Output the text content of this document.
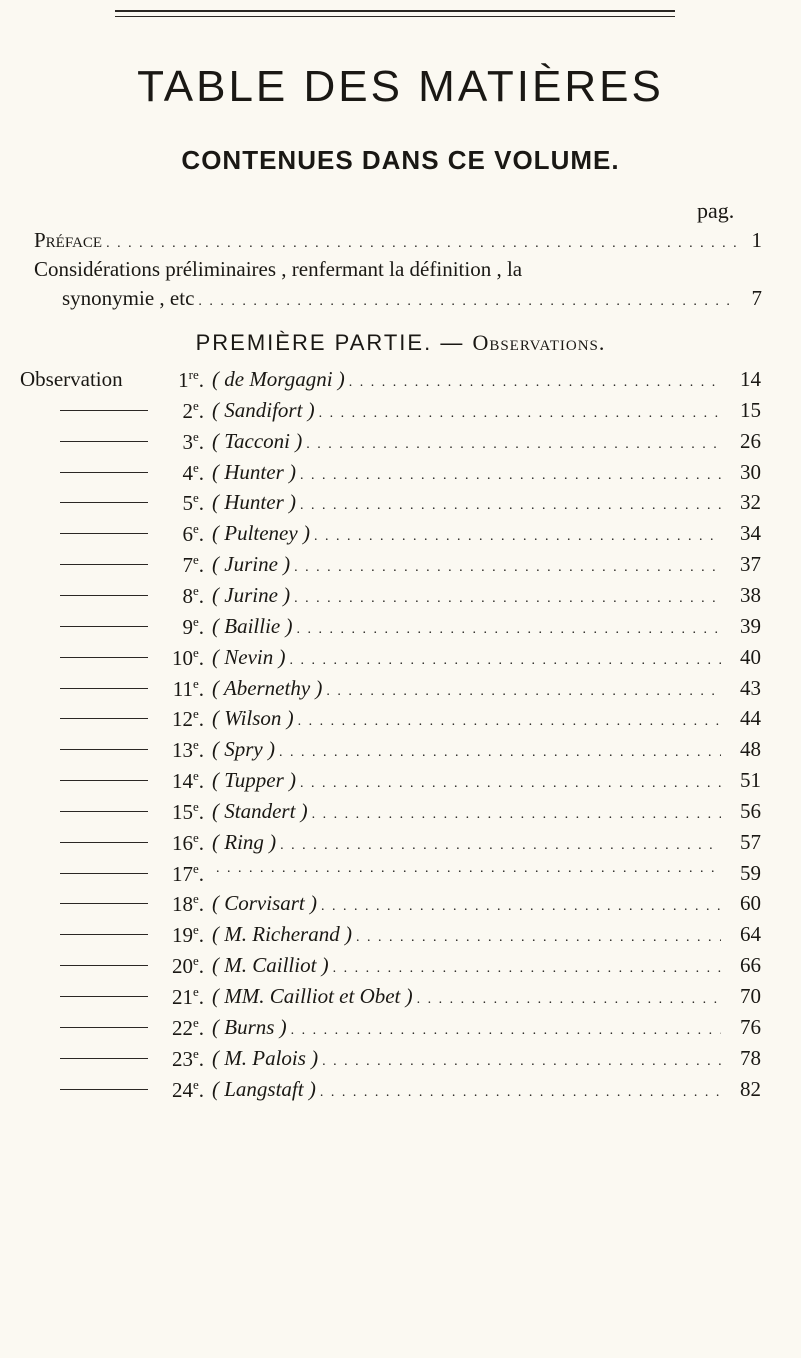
TABLE DES MATIÈRES
CONTENUES DANS CE VOLUME.
pag.
Préface . . .	1
Considérations préliminaires , renfermant la définition , la
synonymie , etc . . .	7
PREMIÈRE PARTIE. — Observations.
Observation	1re. ( de Morgagni ) . . .	14
2e. ( Sandifort ) . . .	15
3e. ( Tacconi ) . . .	26
4e. ( Hunter ) . . .	30
5e. ( Hunter ) . . .	32
6e. ( Pulteney ) . . .	34
7e. ( Jurine ) . . .	37
8e. ( Jurine ) . . .	38
9e. ( Baillie ) . . .	39
10e. ( Nevin ) . . .	40
11e. ( Abernethy ) . . .	43
12e. ( Wilson ) . . .	44
13e. ( Spry ) . . .	48
14e. ( Tupper ) . . .	51
15e. ( Standert ) . . .	56
16e. ( Ring ) . . .	57
17e. . . .	59
18e. ( Corvisart ) . . .	60
19e. ( M. Richerand ) . . .	64
20e. ( M. Cailliot ) . . .	66
21e. ( MM. Cailliot et Obet ) . . .	70
22e. ( Burns ) . . .	76
23e. ( M. Palois ) . . .	78
24e. ( Langstaft ) . . .	82
